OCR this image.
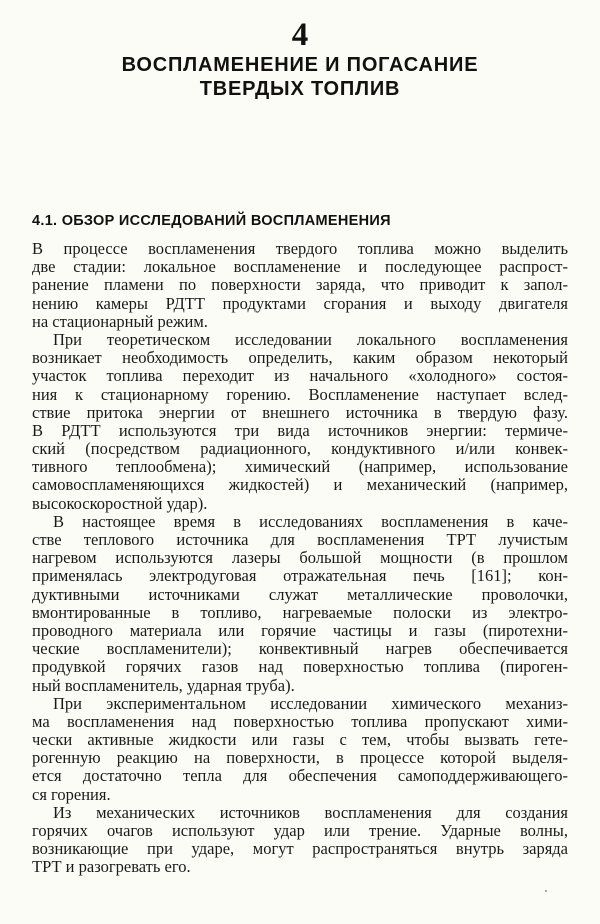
4
ВОСПЛАМЕНЕНИЕ И ПОГАСАНИЕ
ТВЕРДЫХ ТОПЛИВ
4.1. ОБЗОР ИССЛЕДОВАНИЙ ВОСПЛАМЕНЕНИЯ
В процессе воспламенения твердого топлива можно выделить
две стадии: локальное воспламенение и последующее распрост-
ранение пламени по поверхности заряда, что приводит к запол-
нению камеры РДТТ продуктами сгорания и выходу двигателя
на стационарный режим.
При теоретическом исследовании локального воспламенения
возникает необходимость определить, каким образом некоторый
участок топлива переходит из начального «холодного» состоя-
ния к стационарному горению. Воспламенение наступает вслед-
ствие притока энергии от внешнего источника в твердую фазу.
В РДТТ используются три вида источников энергии: термиче-
ский (посредством радиационного, кондуктивного и/или конвек-
тивного теплообмена); химический (например, использование
самовоспламеняющихся жидкостей) и механический (например,
высокоскоростной удар).
В настоящее время в исследованиях воспламенения в каче-
стве теплового источника для воспламенения ТРТ лучистым
нагревом используются лазеры большой мощности (в прошлом
применялась электродуговая отражательная печь [161]; кон-
дуктивными источниками служат металлические проволочки,
вмонтированные в топливо, нагреваемые полоски из электро-
проводного материала или горячие частицы и газы (пиротехни-
ческие воспламенители); конвективный нагрев обеспечивается
продувкой горячих газов над поверхностью топлива (пироген-
ный воспламенитель, ударная труба).
При экспериментальном исследовании химического механиз-
ма воспламенения над поверхностью топлива пропускают хими-
чески активные жидкости или газы с тем, чтобы вызвать гете-
рогенную реакцию на поверхности, в процессе которой выделя-
ется достаточно тепла для обеспечения самоподдерживающего-
ся горения.
Из механических источников воспламенения для создания
горячих очагов используют удар или трение. Ударные волны,
возникающие при ударе, могут распространяться внутрь заряда
ТРТ и разогревать его.
